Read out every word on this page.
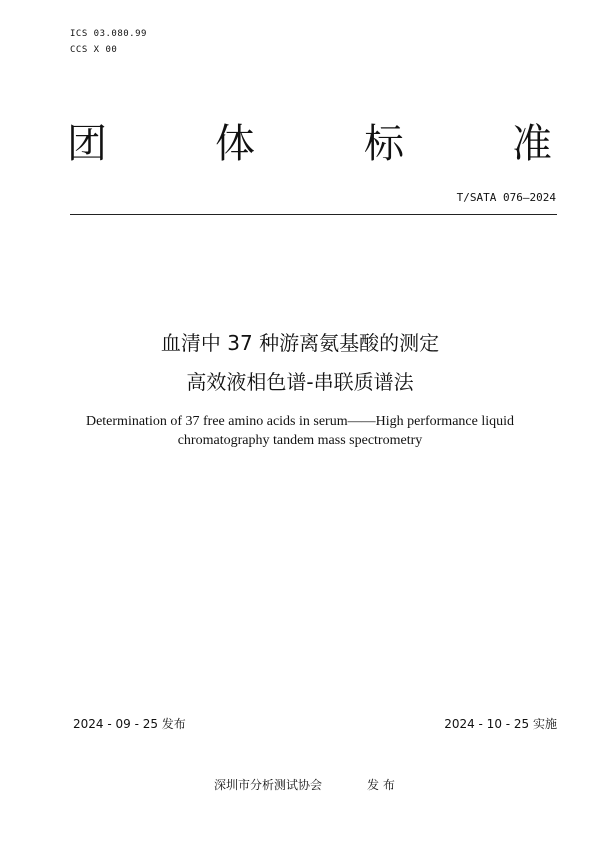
ICS 03.080.99
CCS X 00
团	体	标	准
T/SATA 076—2024
血清中 37 种游离氨基酸的测定
高效液相色谱-串联质谱法
Determination of 37 free amino acids in serum——High performance liquid
chromatography tandem mass spectrometry
2024 - 09 - 25 发布	2024 - 10 - 25 实施
深圳市分析测试协会	发 布
